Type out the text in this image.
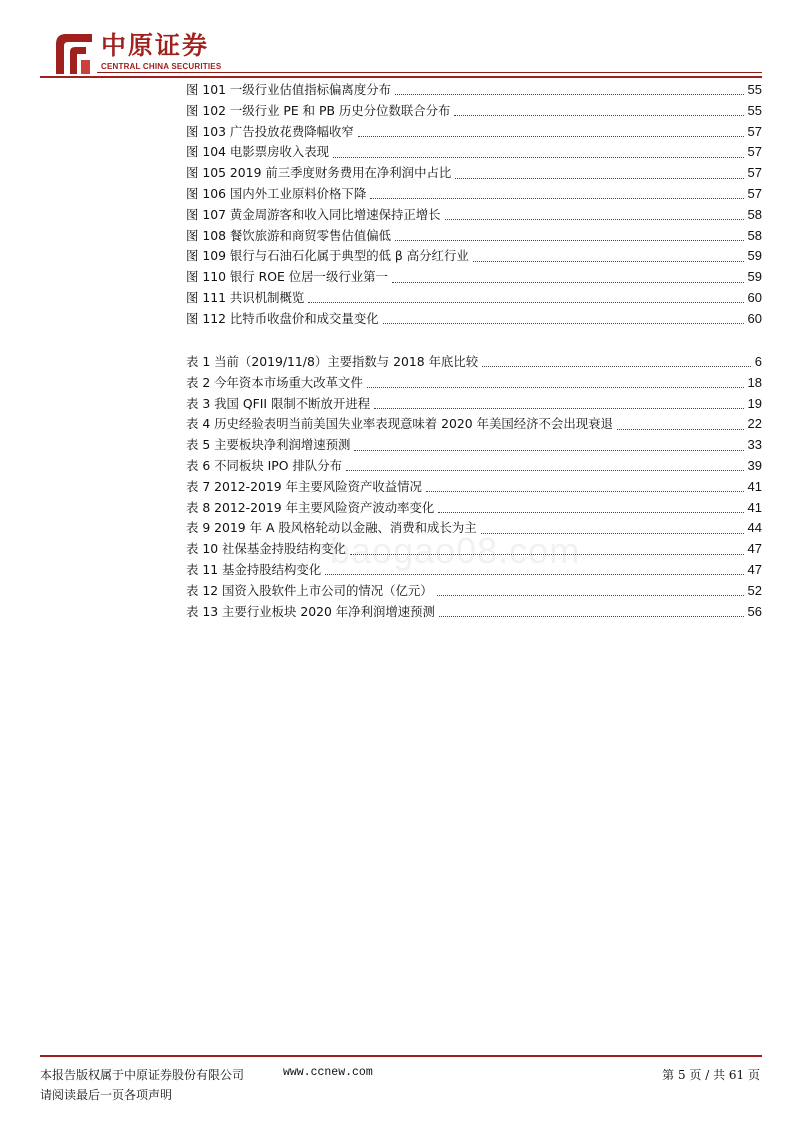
中原证券
CENTRAL CHINA SECURITIES
图 101 一级行业估值指标偏离度分布	55
图 102 一级行业 PE 和 PB 历史分位数联合分布	55
图 103 广告投放花费降幅收窄	57
图 104 电影票房收入表现	57
图 105 2019 前三季度财务费用在净利润中占比	57
图 106 国内外工业原料价格下降	57
图 107 黄金周游客和收入同比增速保持正增长	58
图 108 餐饮旅游和商贸零售估值偏低	58
图 109 银行与石油石化属于典型的低 β 高分红行业	59
图 110 银行 ROE 位居一级行业第一	59
图 111 共识机制概览	60
图 112 比特币收盘价和成交量变化	60
表 1 当前（2019/11/8）主要指数与 2018 年底比较	6
表 2 今年资本市场重大改革文件	18
表 3 我国 QFII 限制不断放开进程	19
表 4 历史经验表明当前美国失业率表现意味着 2020 年美国经济不会出现衰退	22
表 5 主要板块净利润增速预测	33
表 6 不同板块 IPO 排队分布	39
表 7 2012-2019 年主要风险资产收益情况	41
表 8 2012-2019 年主要风险资产波动率变化	41
表 9 2019 年 A 股风格轮动以金融、消费和成长为主	44
表 10 社保基金持股结构变化	47
表 11 基金持股结构变化	47
表 12 国资入股软件上市公司的情况（亿元）	52
表 13 主要行业板块 2020 年净利润增速预测	56
baogao08.com
本报告版权属于中原证券股份有限公司	www.ccnew.com	第 5 页 / 共 61 页
请阅读最后一页各项声明
